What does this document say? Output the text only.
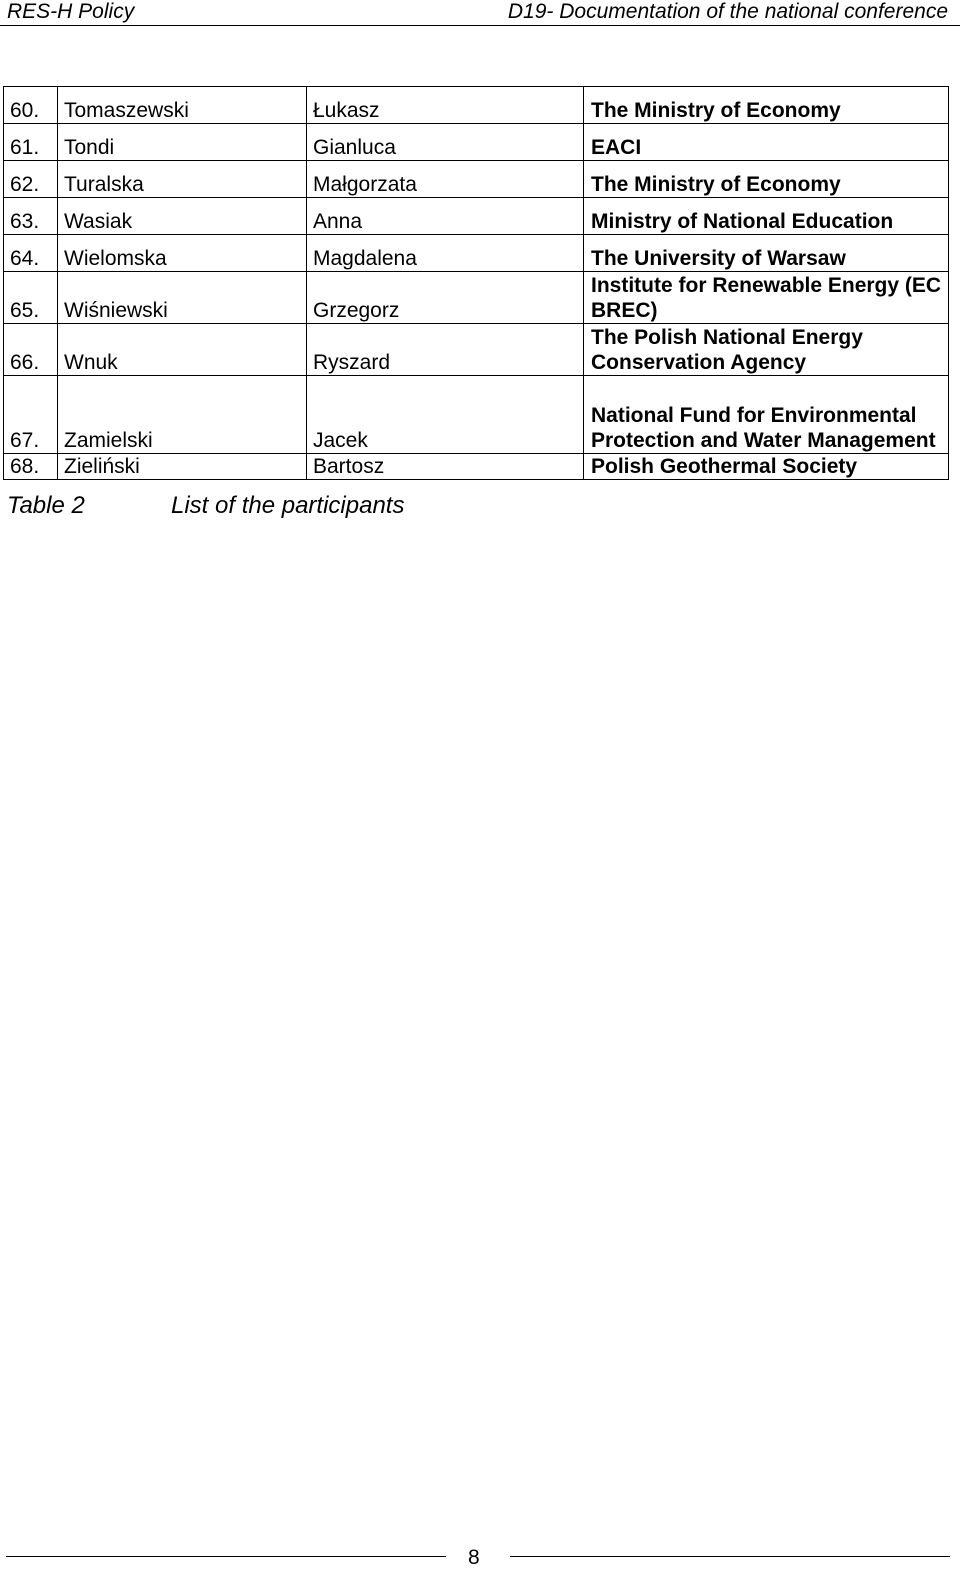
RES-H Policy	D19- Documentation of the national conference
60.	Tomaszewski	Łukasz	The Ministry of Economy
61.	Tondi	Gianluca	EACI
62.	Turalska	Małgorzata	The Ministry of Economy
63.	Wasiak	Anna	Ministry of National Education
64.	Wielomska	Magdalena	The University of Warsaw
65.	Wiśniewski	Grzegorz	Institute for Renewable Energy (EC BREC)
66.	Wnuk	Ryszard	The Polish National Energy Conservation Agency
67.	Zamielski	Jacek	National Fund for Environmental Protection and Water Management
68.	Zieliński	Bartosz	Polish Geothermal Society
Table 2	List of the participants
8
